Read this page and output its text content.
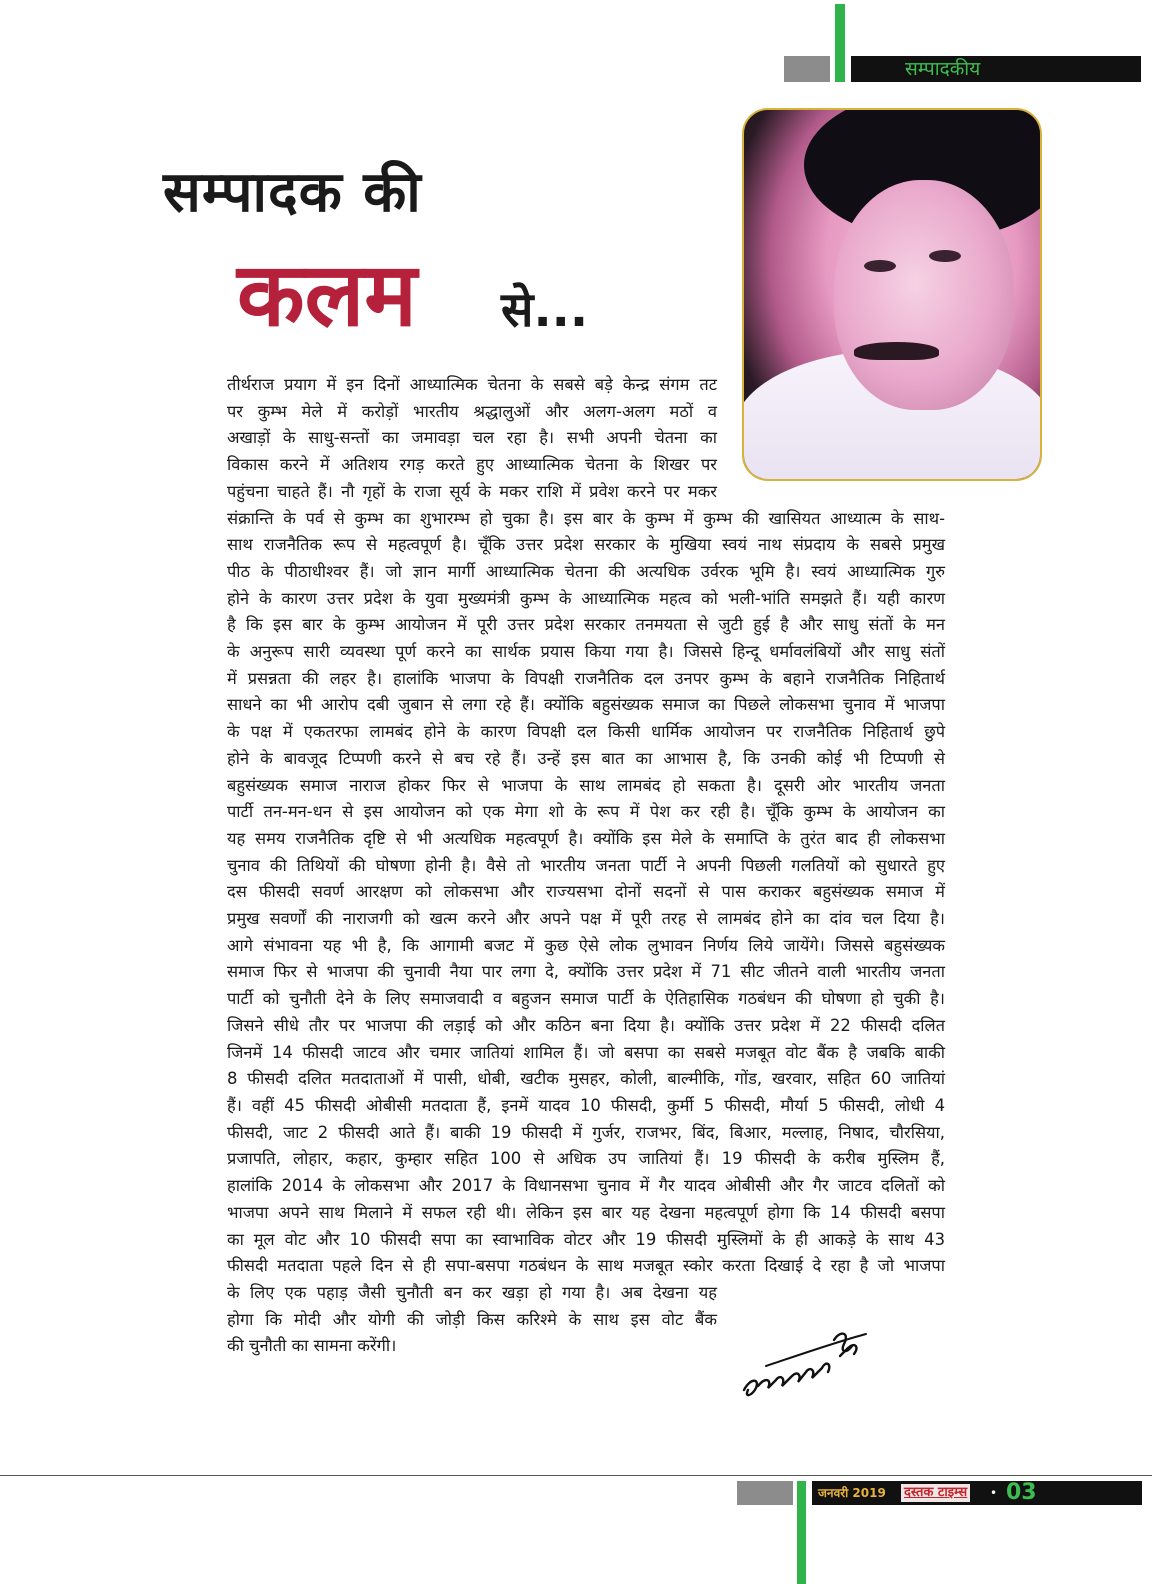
सम्पादकीय
सम्पादक की
कलम से...
तीर्थराज प्रयाग में इन दिनों आध्यात्मिक चेतना के सबसे बड़े केन्द्र संगम तट
पर कुम्भ मेले में करोड़ों भारतीय श्रद्धालुओं और अलग-अलग मठों व
अखाड़ों के साधु-सन्तों का जमावड़ा चल रहा है। सभी अपनी चेतना का
विकास करने में अतिशय रगड़ करते हुए आध्यात्मिक चेतना के शिखर पर
पहुंचना चाहते हैं। नौ गृहों के राजा सूर्य के मकर राशि में प्रवेश करने पर मकर
संक्रान्ति के पर्व से कुम्भ का शुभारम्भ हो चुका है। इस बार के कुम्भ में कुम्भ की खासियत आध्यात्म के साथ-
साथ राजनैतिक रूप से महत्वपूर्ण है। चूँकि उत्तर प्रदेश सरकार के मुखिया स्वयं नाथ संप्रदाय के सबसे प्रमुख
पीठ के पीठाधीश्वर हैं। जो ज्ञान मार्गी आध्यात्मिक चेतना की अत्यधिक उर्वरक भूमि है। स्वयं आध्यात्मिक गुरु
होने के कारण उत्तर प्रदेश के युवा मुख्यमंत्री कुम्भ के आध्यात्मिक महत्व को भली-भांति समझते हैं। यही कारण
है कि इस बार के कुम्भ आयोजन में पूरी उत्तर प्रदेश सरकार तनमयता से जुटी हुई है और साधु संतों के मन
के अनुरूप सारी व्यवस्था पूर्ण करने का सार्थक प्रयास किया गया है। जिससे हिन्दू धर्मावलंबियों और साधु संतों
में प्रसन्नता की लहर है। हालांकि भाजपा के विपक्षी राजनैतिक दल उनपर कुम्भ के बहाने राजनैतिक निहितार्थ
साधने का भी आरोप दबी जुबान से लगा रहे हैं। क्योंकि बहुसंख्यक समाज का पिछले लोकसभा चुनाव में भाजपा
के पक्ष में एकतरफा लामबंद होने के कारण विपक्षी दल किसी धार्मिक आयोजन पर राजनैतिक निहितार्थ छुपे
होने के बावजूद टिप्पणी करने से बच रहे हैं। उन्हें इस बात का आभास है, कि उनकी कोई भी टिप्पणी से
बहुसंख्यक समाज नाराज होकर फिर से भाजपा के साथ लामबंद हो सकता है। दूसरी ओर भारतीय जनता
पार्टी तन-मन-धन से इस आयोजन को एक मेगा शो के रूप में पेश कर रही है। चूँकि कुम्भ के आयोजन का
यह समय राजनैतिक दृष्टि से भी अत्यधिक महत्वपूर्ण है। क्योंकि इस मेले के समाप्ति के तुरंत बाद ही लोकसभा
चुनाव की तिथियों की घोषणा होनी है। वैसे तो भारतीय जनता पार्टी ने अपनी पिछली गलतियों को सुधारते हुए
दस फीसदी सवर्ण आरक्षण को लोकसभा और राज्यसभा दोनों सदनों से पास कराकर बहुसंख्यक समाज में
प्रमुख सवर्णों की नाराजगी को खत्म करने और अपने पक्ष में पूरी तरह से लामबंद होने का दांव चल दिया है।
आगे संभावना यह भी है, कि आगामी बजट में कुछ ऐसे लोक लुभावन निर्णय लिये जायेंगे। जिससे बहुसंख्यक
समाज फिर से भाजपा की चुनावी नैया पार लगा दे, क्योंकि उत्तर प्रदेश में 71 सीट जीतने वाली भारतीय जनता
पार्टी को चुनौती देने के लिए समाजवादी व बहुजन समाज पार्टी के ऐतिहासिक गठबंधन की घोषणा हो चुकी है।
जिसने सीधे तौर पर भाजपा की लड़ाई को और कठिन बना दिया है। क्योंकि उत्तर प्रदेश में 22 फीसदी दलित
जिनमें 14 फीसदी जाटव और चमार जातियां शामिल हैं। जो बसपा का सबसे मजबूत वोट बैंक है जबकि बाकी
8 फीसदी दलित मतदाताओं में पासी, धोबी, खटीक मुसहर, कोली, बाल्मीकि, गोंड, खरवार, सहित 60 जातियां
हैं। वहीं 45 फीसदी ओबीसी मतदाता हैं, इनमें यादव 10 फीसदी, कुर्मी 5 फीसदी, मौर्या 5 फीसदी, लोधी 4
फीसदी, जाट 2 फीसदी आते हैं। बाकी 19 फीसदी में गुर्जर, राजभर, बिंद, बिआर, मल्लाह, निषाद, चौरसिया,
प्रजापति, लोहार, कहार, कुम्हार सहित 100 से अधिक उप जातियां हैं। 19 फीसदी के करीब मुस्लिम हैं,
हालांकि 2014 के लोकसभा और 2017 के विधानसभा चुनाव में गैर यादव ओबीसी और गैर जाटव दलितों को
भाजपा अपने साथ मिलाने में सफल रही थी। लेकिन इस बार यह देखना महत्वपूर्ण होगा कि 14 फीसदी बसपा
का मूल वोट और 10 फीसदी सपा का स्वाभाविक वोटर और 19 फीसदी मुस्लिमों के ही आकड़े के साथ 43
फीसदी मतदाता पहले दिन से ही सपा-बसपा गठबंधन के साथ मजबूत स्कोर करता दिखाई दे रहा है जो भाजपा
के लिए एक पहाड़ जैसी चुनौती बन कर खड़ा हो गया है। अब देखना यह
होगा कि मोदी और योगी की जोड़ी किस करिश्मे के साथ इस वोट बैंक
की चुनौती का सामना करेंगी।
जनवरी 2019 दस्तक टाइम्स • 03
